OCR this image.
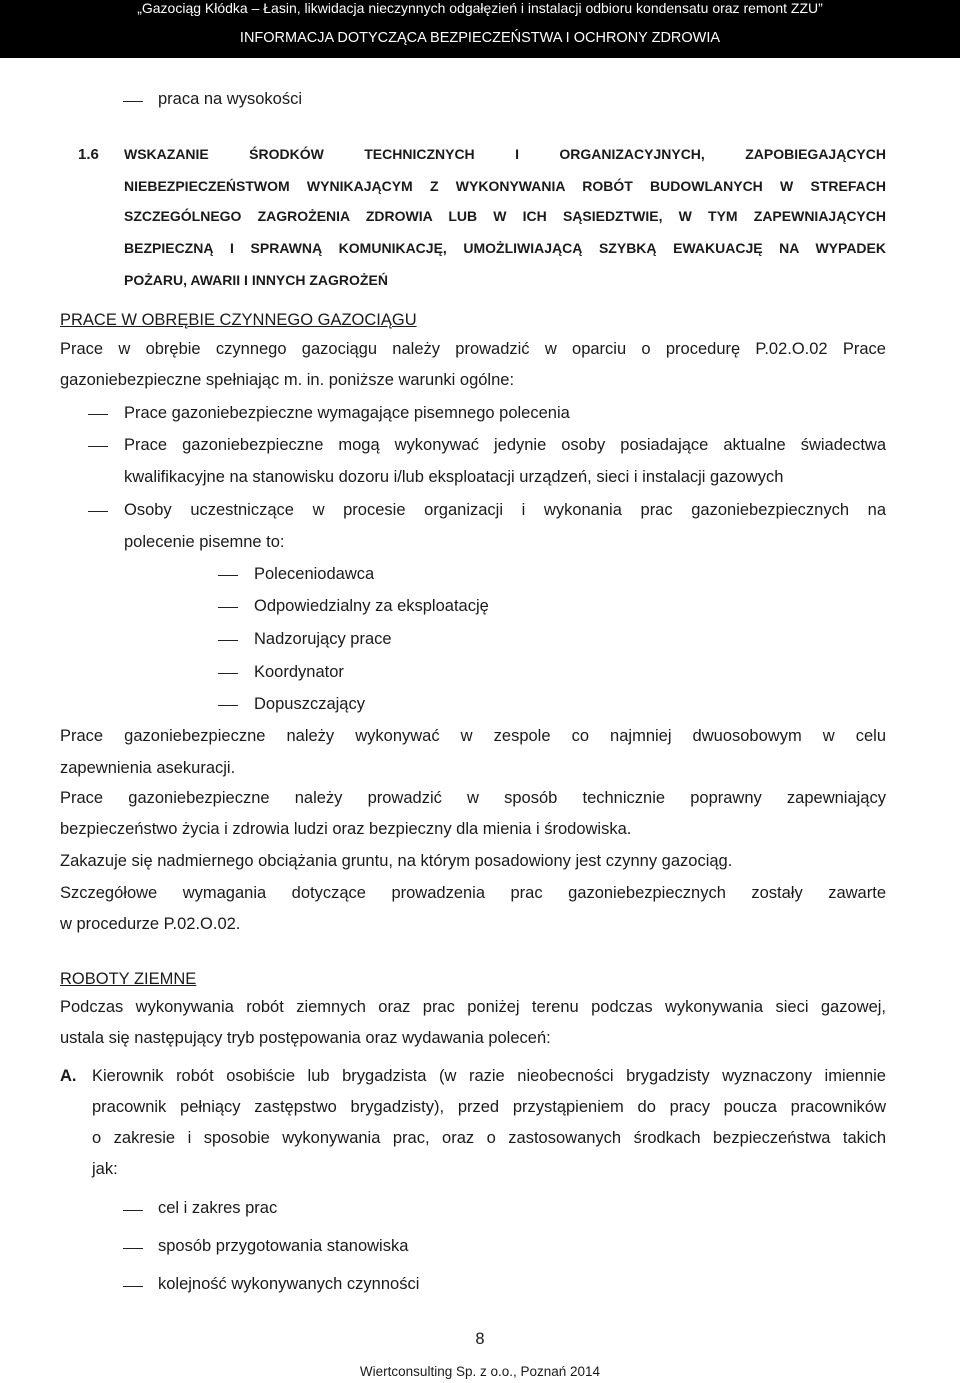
„Gazociąg Kłódka – Łasin, likwidacja nieczynnych odgałęzień i instalacji odbioru kondensatu oraz remont ZZU”
INFORMACJA DOTYCZĄCA BEZPIECZEŃSTWA I OCHRONY ZDROWIA
praca na wysokości
1.6 WSKAZANIE ŚRODKÓW TECHNICZNYCH I ORGANIZACYJNYCH, ZAPOBIEGAJĄCYCH
NIEBEZPIECZEŃSTWOM WYNIKAJĄCYM Z WYKONYWANIA ROBÓT BUDOWLANYCH W STREFACH
SZCZEGÓLNEGO ZAGROŻENIA ZDROWIA LUB W ICH SĄSIEDZTWIE, W TYM ZAPEWNIAJĄCYCH
BEZPIECZNĄ I SPRAWNĄ KOMUNIKACJĘ, UMOŻLIWIAJĄCĄ SZYBKĄ EWAKUACJĘ NA WYPADEK
POŻARU, AWARII I INNYCH ZAGROŻEŃ
PRACE W OBRĘBIE CZYNNEGO GAZOCIĄGU
Prace w obrębie czynnego gazociągu należy prowadzić w oparciu o procedurę P.02.O.02 Prace
gazoniebezpieczne spełniając m. in. poniższe warunki ogólne:
Prace gazoniebezpieczne wymagające pisemnego polecenia
Prace gazoniebezpieczne mogą wykonywać jedynie osoby posiadające aktualne świadectwa
kwalifikacyjne na stanowisku dozoru i/lub eksploatacji urządzeń, sieci i instalacji gazowych
Osoby uczestniczące w procesie organizacji i wykonania prac gazoniebezpiecznych na
polecenie pisemne to:
Poleceniodawca
Odpowiedzialny za eksploatację
Nadzorujący prace
Koordynator
Dopuszczający
Prace gazoniebezpieczne należy wykonywać w zespole co najmniej dwuosobowym w celu
zapewnienia asekuracji.
Prace gazoniebezpieczne należy prowadzić w sposób technicznie poprawny zapewniający
bezpieczeństwo życia i zdrowia ludzi oraz bezpieczny dla mienia i środowiska.
Zakazuje się nadmiernego obciążania gruntu, na którym posadowiony jest czynny gazociąg.
Szczegółowe wymagania dotyczące prowadzenia prac gazoniebezpiecznych zostały zawarte
w procedurze P.02.O.02.
ROBOTY ZIEMNE
Podczas wykonywania robót ziemnych oraz prac poniżej terenu podczas wykonywania sieci gazowej,
ustala się następujący tryb postępowania oraz wydawania poleceń:
A. Kierownik robót osobiście lub brygadzista (w razie nieobecności brygadzisty wyznaczony imiennie
pracownik pełniący zastępstwo brygadzisty), przed przystąpieniem do pracy poucza pracowników
o zakresie i sposobie wykonywania prac, oraz o zastosowanych środkach bezpieczeństwa takich
jak:
cel i zakres prac
sposób przygotowania stanowiska
kolejność wykonywanych czynności
8
Wiertconsulting Sp. z o.o., Poznań 2014
